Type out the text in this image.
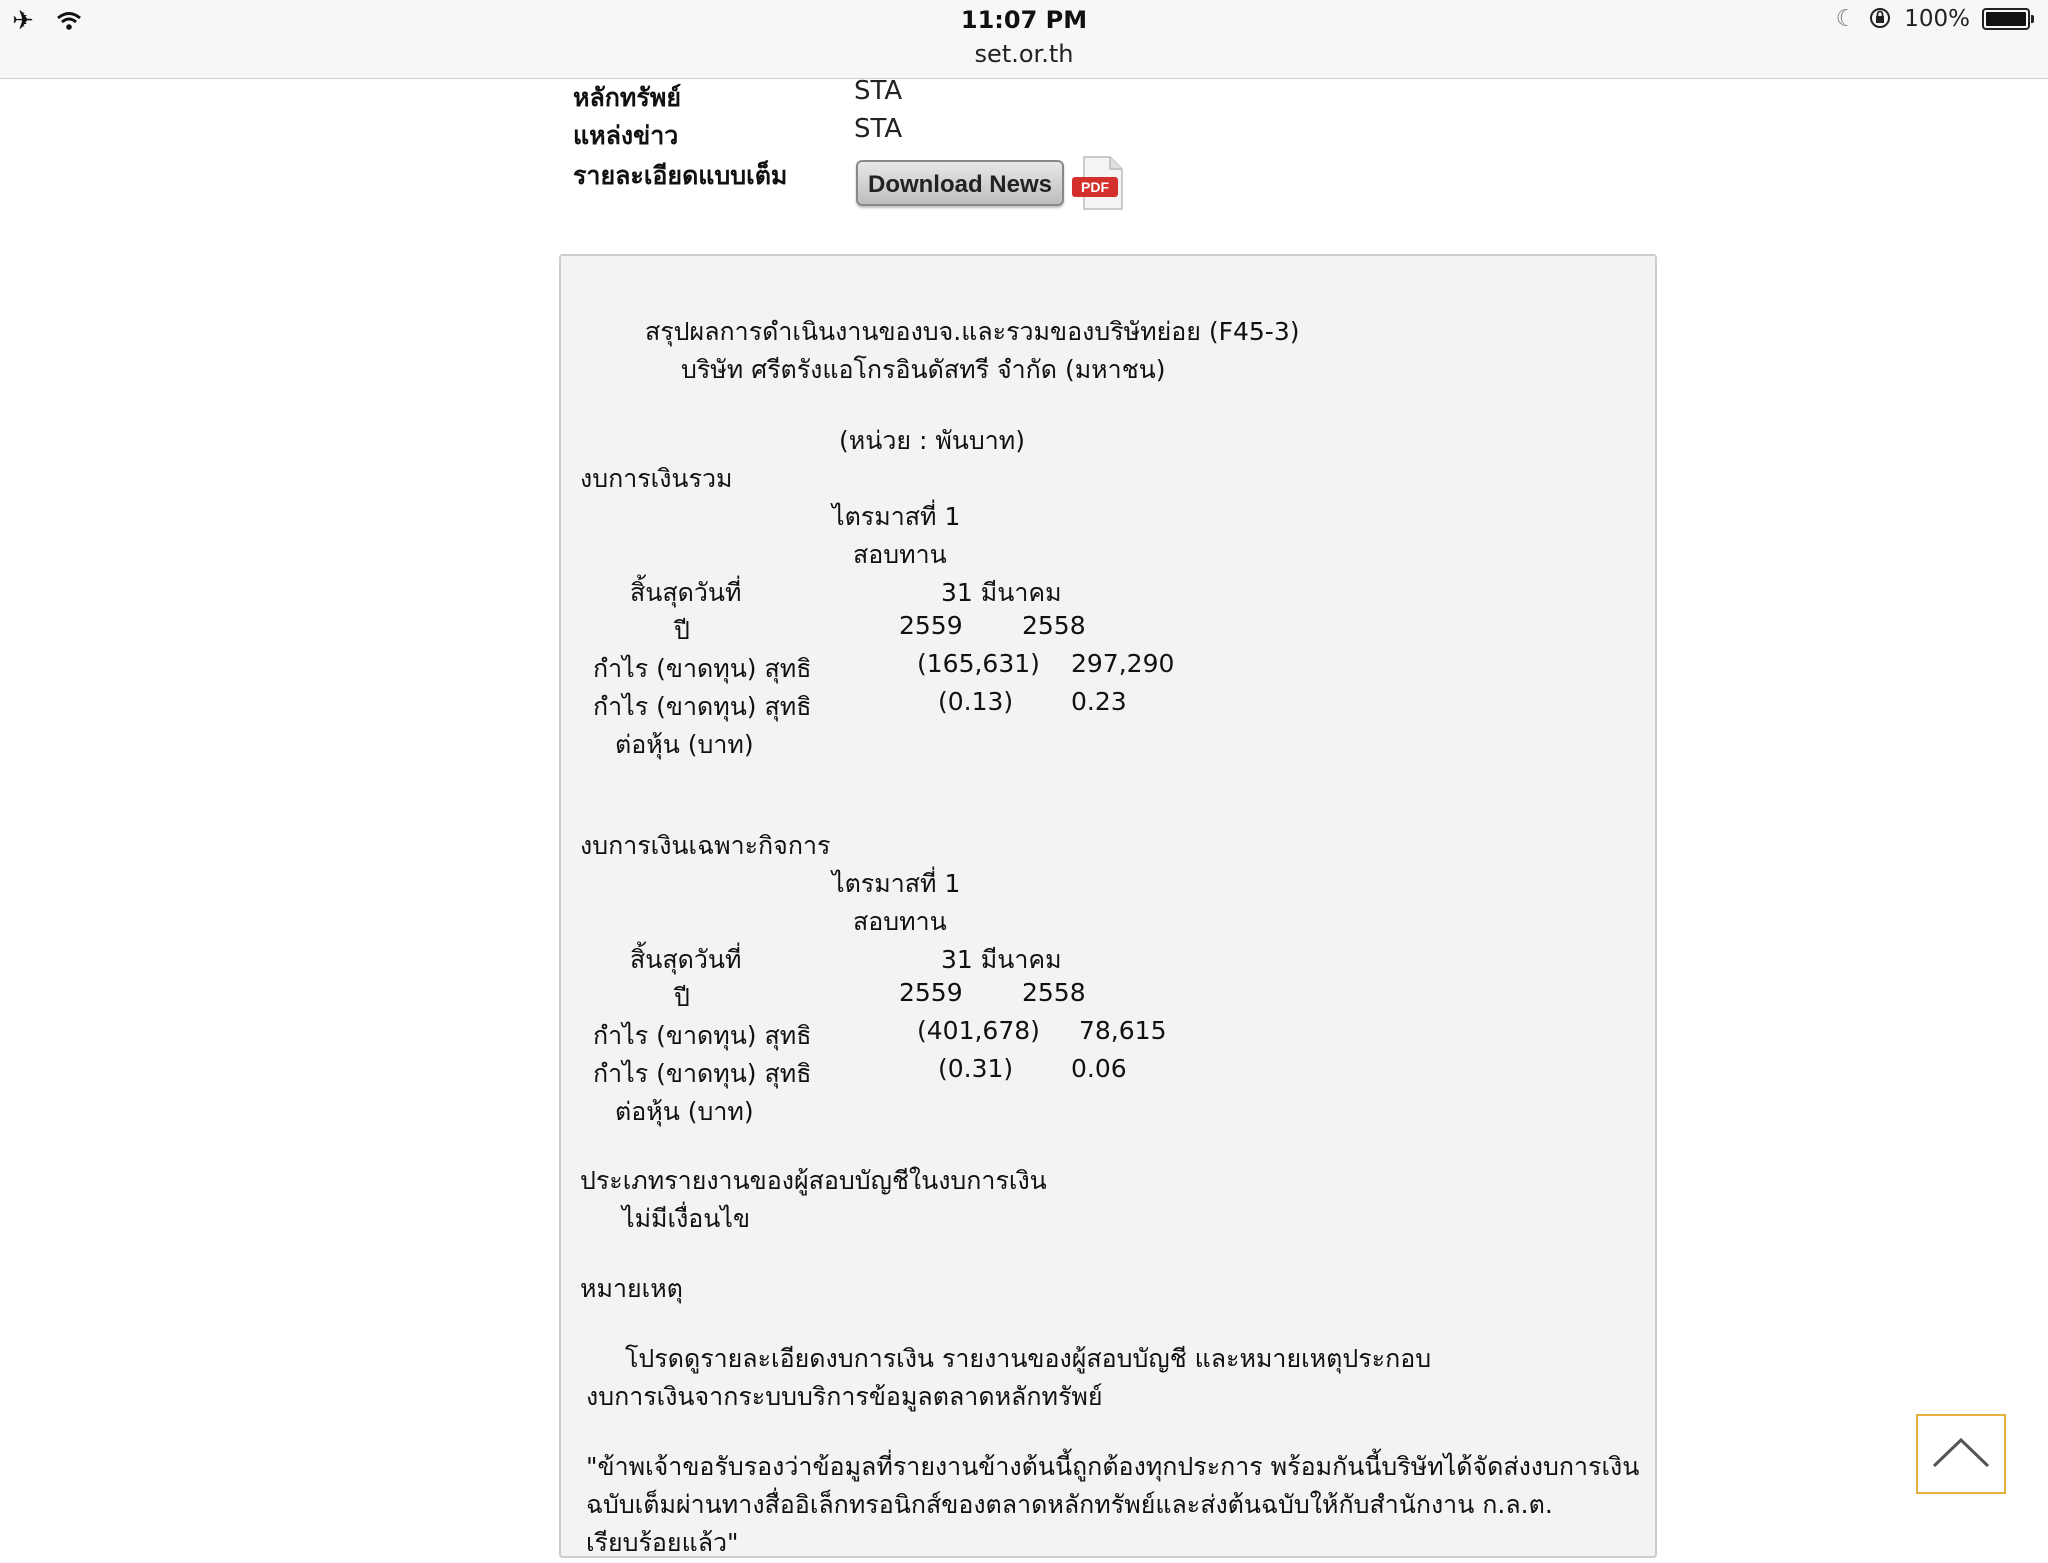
✈	11:07 PM
set.or.th
☾ 100%
หลักทรัพย์	STA
แหล่งข่าว	STA
รายละเอียดแบบเต็ม	Download News	PDF
สรุปผลการดำเนินงานของบจ.และรวมของบริษัทย่อย (F45-3)
บริษัท ศรีตรังแอโกรอินดัสทรี จำกัด (มหาชน)
(หน่วย : พันบาท)
งบการเงินรวม
ไตรมาสที่ 1
สอบทาน
สิ้นสุดวันที่	31 มีนาคม
ปี	2559 2558
กำไร (ขาดทุน) สุทธิ	(165,631) 297,290
กำไร (ขาดทุน) สุทธิ	(0.13) 0.23
ต่อหุ้น (บาท)
งบการเงินเฉพาะกิจการ
ไตรมาสที่ 1
สอบทาน
สิ้นสุดวันที่	31 มีนาคม
ปี	2559 2558
กำไร (ขาดทุน) สุทธิ	(401,678) 78,615
กำไร (ขาดทุน) สุทธิ	(0.31) 0.06
ต่อหุ้น (บาท)
ประเภทรายงานของผู้สอบบัญชีในงบการเงิน
ไม่มีเงื่อนไข
หมายเหตุ
โปรดดูรายละเอียดงบการเงิน รายงานของผู้สอบบัญชี และหมายเหตุประกอบ
งบการเงินจากระบบบริการข้อมูลตลาดหลักทรัพย์
"ข้าพเจ้าขอรับรองว่าข้อมูลที่รายงานข้างต้นนี้ถูกต้องทุกประการ พร้อมกันนี้บริษัทได้จัดส่งงบการเงิน
ฉบับเต็มผ่านทางสื่ออิเล็กทรอนิกส์ของตลาดหลักทรัพย์และส่งต้นฉบับให้กับสำนักงาน ก.ล.ต.
เรียบร้อยแล้ว"
